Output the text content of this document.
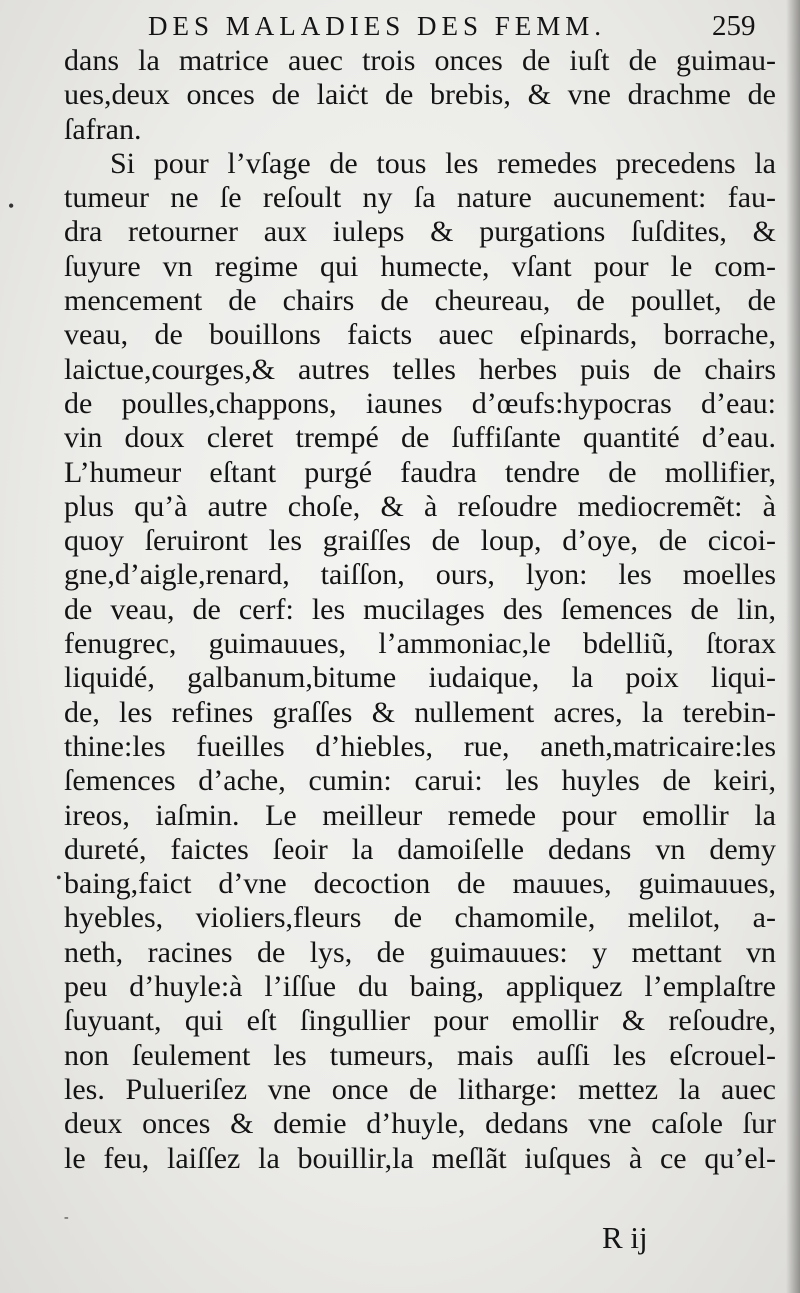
DES MALADIES DES FEMM.	259
dans la matrice auec trois onces de iuſt de guimau-
ues,deux onces de laiċt de brebis, & vne drachme de
ſafran.
Si pour l’vſage de tous les remedes precedens la
tumeur ne ſe reſoult ny ſa nature aucunement: fau-
dra retourner aux iuleps & purgations ſuſdites, &
ſuyure vn regime qui humecte, vſant pour le com-
mencement de chairs de cheureau, de poullet, de
veau, de bouillons faicts auec eſpinards, borrache,
laictue,courges,& autres telles herbes puis de chairs
de poulles,chappons, iaunes d’œufs:hypocras d’eau:
vin doux cleret trempé de ſuffiſante quantité d’eau.
L’humeur eſtant purgé faudra tendre de mollifier,
plus qu’à autre choſe, & à reſoudre mediocremẽt: à
quoy ſeruiront les graiſſes de loup, d’oye, de cicoi-
gne,d’aigle,renard, taiſſon, ours, lyon: les moelles
de veau, de cerf: les mucilages des ſemences de lin,
fenugrec, guimauues, l’ammoniac,le bdelliũ, ſtorax
liquidé, galbanum,bitume iudaique, la poix liqui-
de, les refines graſſes & nullement acres, la terebin-
thine:les fueilles d’hiebles, rue, aneth,matricaire:les
ſemences d’ache, cumin: carui: les huyles de keiri,
ireos, iaſmin. Le meilleur remede pour emollir la
dureté, faictes ſeoir la damoiſelle dedans vn demy
baing,faict d’vne decoction de mauues, guimauues,
hyebles, violiers,fleurs de chamomile, melilot, a-
neth, racines de lys, de guimauues: y mettant vn
peu d’huyle:à l’iſſue du baing, appliquez l’emplaſtre
ſuyuant, qui eſt ſingullier pour emollir & reſoudre,
non ſeulement les tumeurs, mais auſſi les eſcrouel-
les. Pulueriſez vne once de litharge: mettez la auec
deux onces & demie d’huyle, dedans vne caſole ſur
le feu, laiſſez la bouillir,la meſlãt iuſques à ce qu’el-
R ij
•
•
-
